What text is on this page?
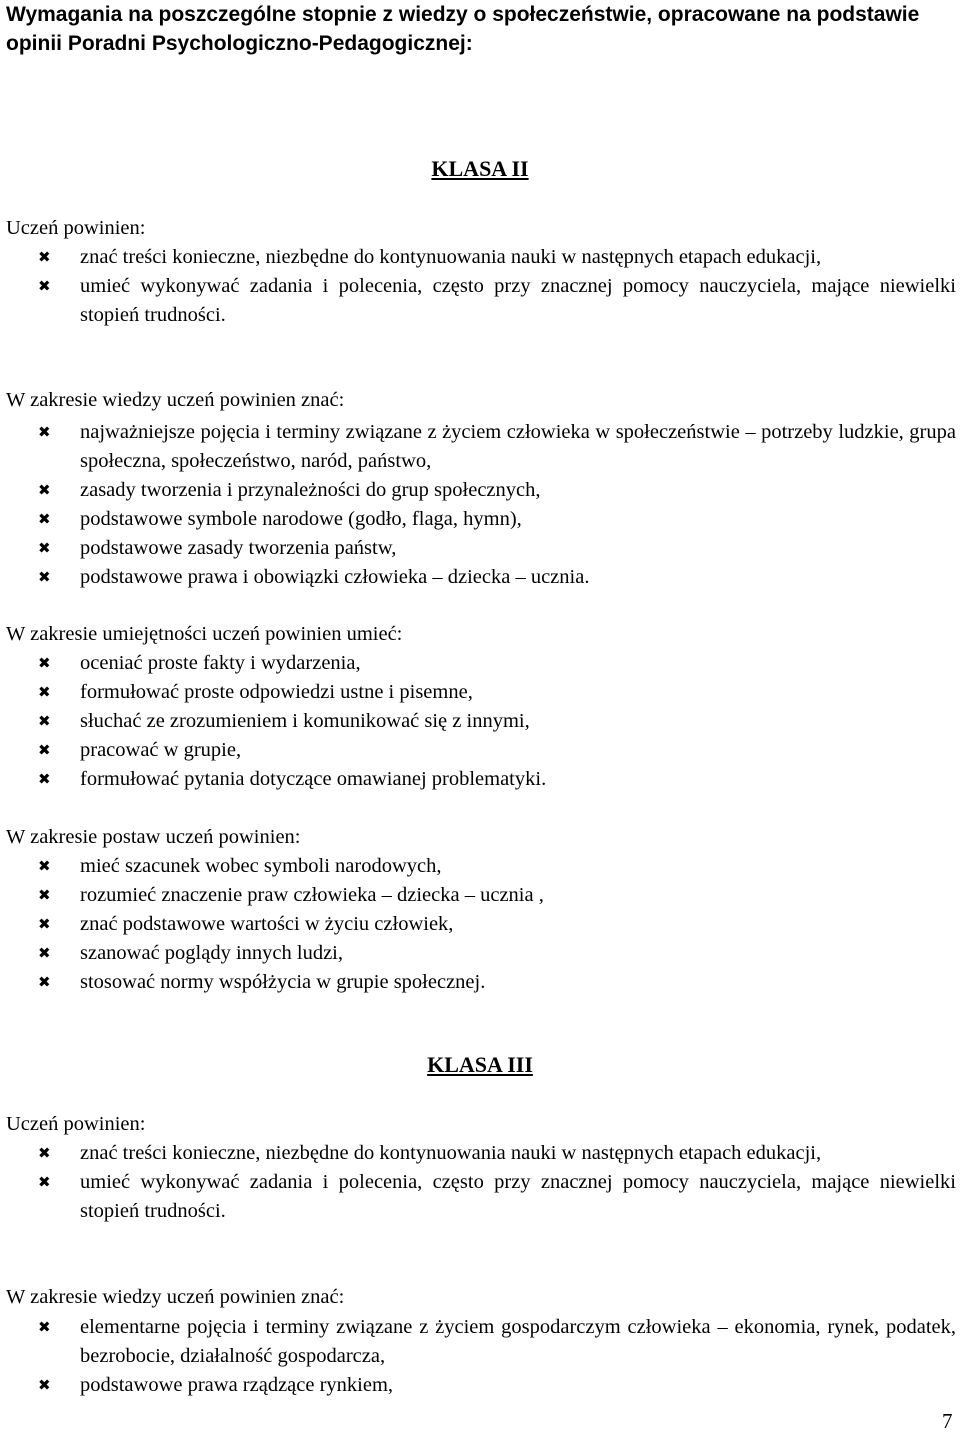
Wymagania na poszczególne stopnie z wiedzy o społeczeństwie, opracowane na podstawie opinii Poradni Psychologiczno-Pedagogicznej:
KLASA II
Uczeń powinien:
✖	znać treści konieczne, niezbędne do kontynuowania nauki w następnych etapach edukacji,
✖	umieć wykonywać zadania i polecenia, często przy znacznej pomocy nauczyciela, mające niewielki stopień trudności.
W zakresie wiedzy uczeń powinien znać:
✖	najważniejsze pojęcia i terminy związane z życiem człowieka w społeczeństwie – potrzeby ludzkie, grupa społeczna, społeczeństwo, naród, państwo,
✖	zasady tworzenia i przynależności do grup społecznych,
✖	podstawowe symbole narodowe (godło, flaga, hymn),
✖	podstawowe zasady tworzenia państw,
✖	podstawowe prawa i obowiązki człowieka – dziecka – ucznia.
W zakresie umiejętności uczeń powinien umieć:
✖	oceniać proste fakty i wydarzenia,
✖	formułować proste odpowiedzi ustne i pisemne,
✖	słuchać ze zrozumieniem i komunikować się z innymi,
✖	pracować w grupie,
✖	formułować pytania dotyczące omawianej problematyki.
W zakresie postaw uczeń powinien:
✖	mieć szacunek wobec symboli narodowych,
✖	rozumieć znaczenie praw człowieka – dziecka – ucznia ,
✖	znać podstawowe wartości w życiu człowiek,
✖	szanować poglądy innych ludzi,
✖	stosować normy współżycia w grupie społecznej.
KLASA III
Uczeń powinien:
✖	znać treści konieczne, niezbędne do kontynuowania nauki w następnych etapach edukacji,
✖	umieć wykonywać zadania i polecenia, często przy znacznej pomocy nauczyciela, mające niewielki stopień trudności.
W zakresie wiedzy uczeń powinien znać:
✖	elementarne pojęcia i terminy związane z życiem gospodarczym człowieka – ekonomia, rynek, podatek, bezrobocie, działalność gospodarcza,
✖	podstawowe prawa rządzące rynkiem,
7
